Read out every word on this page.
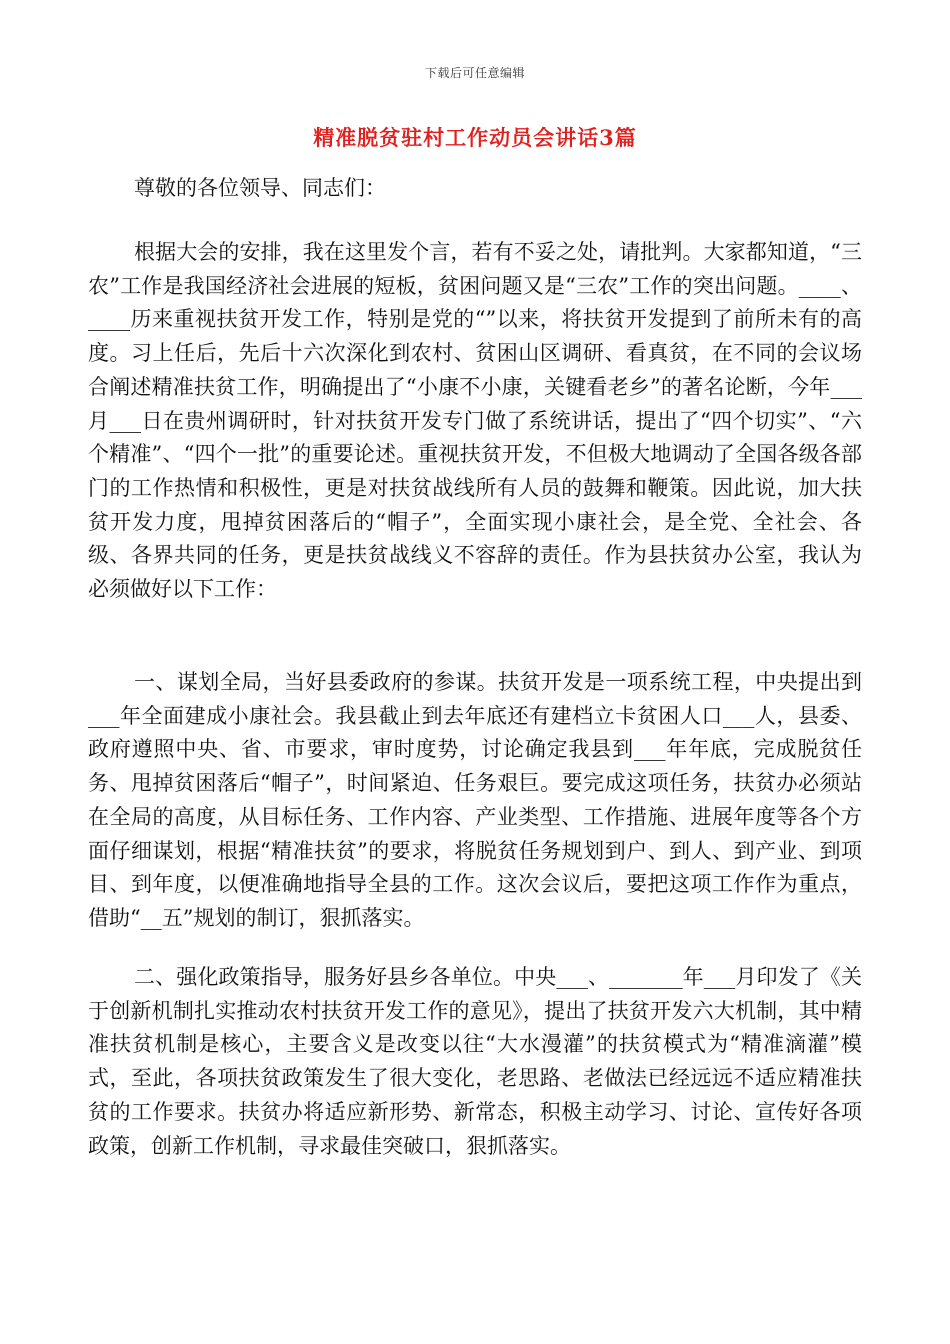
下载后可任意编辑
精准脱贫驻村工作动员会讲话3篇

尊敬的各位领导、同志们：

根据大会的安排，我在这里发个言，若有不妥之处，请批判。大家都知道，“三农”工作是我国经济社会进展的短板，贫困问题又是“三农”工作的突出问题。____、____历来重视扶贫开发工作，特别是党的“”以来，将扶贫开发提到了前所未有的高度。习上任后，先后十六次深化到农村、贫困山区调研、看真贫，在不同的会议场合阐述精准扶贫工作，明确提出了“小康不小康，关键看老乡”的著名论断，今年___月___日在贵州调研时，针对扶贫开发专门做了系统讲话，提出了“四个切实”、“六个精准”、“四个一批”的重要论述。重视扶贫开发，不但极大地调动了全国各级各部门的工作热情和积极性，更是对扶贫战线所有人员的鼓舞和鞭策。因此说，加大扶贫开发力度，甩掉贫困落后的“帽子”，全面实现小康社会，是全党、全社会、各级、各界共同的任务，更是扶贫战线义不容辞的责任。作为县扶贫办公室，我认为必须做好以下工作：

一、谋划全局，当好县委政府的参谋。扶贫开发是一项系统工程，中央提出到___年全面建成小康社会。我县截止到去年底还有建档立卡贫困人口___人，县委、政府遵照中央、省、市要求，审时度势，讨论确定我县到___年年底，完成脱贫任务、甩掉贫困落后“帽子”，时间紧迫、任务艰巨。要完成这项任务，扶贫办必须站在全局的高度，从目标任务、工作内容、产业类型、工作措施、进展年度等各个方面仔细谋划，根据“精准扶贫”的要求，将脱贫任务规划到户、到人、到产业、到项目、到年度，以便准确地指导全县的工作。这次会议后，要把这项工作作为重点，借助“__五”规划的制订，狠抓落实。

二、强化政策指导，服务好县乡各单位。中央___、_______年___月印发了《关于创新机制扎实推动农村扶贫开发工作的意见》，提出了扶贫开发六大机制，其中精准扶贫机制是核心，主要含义是改变以往“大水漫灌”的扶贫模式为“精准滴灌”模式，至此，各项扶贫政策发生了很大变化，老思路、老做法已经远远不适应精准扶贫的工作要求。扶贫办将适应新形势、新常态，积极主动学习、讨论、宣传好各项政策，创新工作机制，寻求最佳突破口，狠抓落实。
